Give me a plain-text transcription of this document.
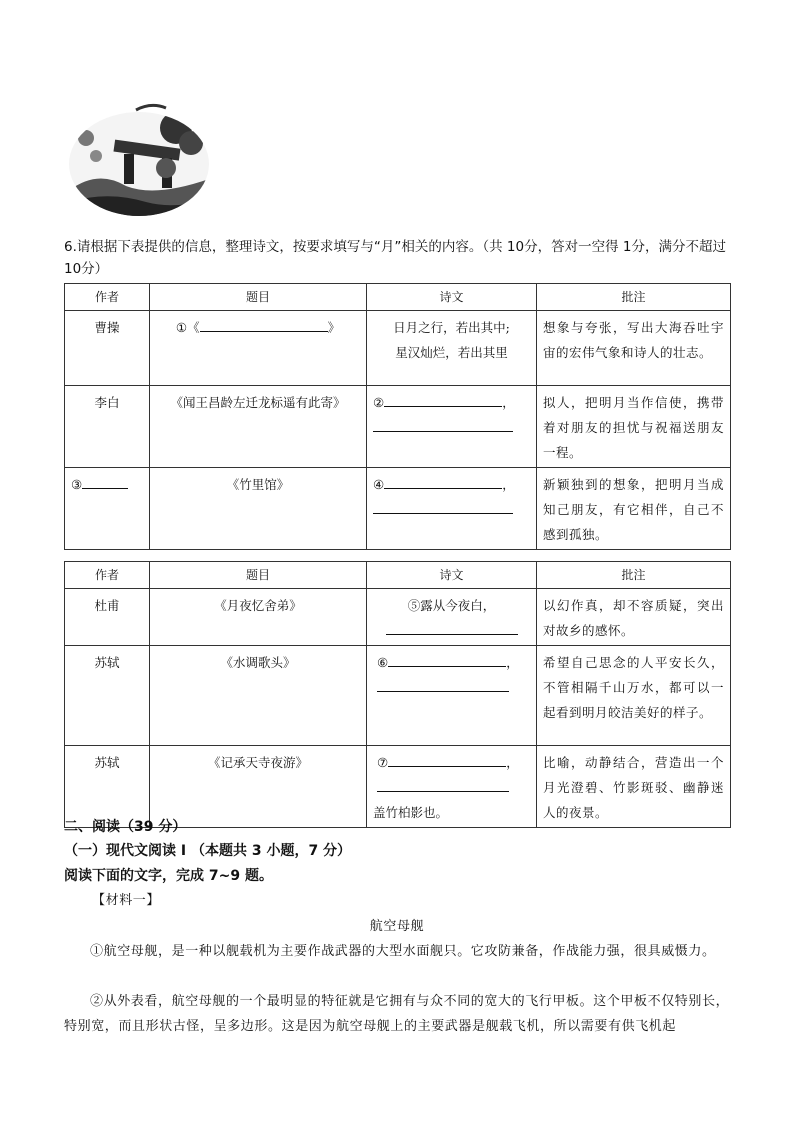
6.请根据下表提供的信息，整理诗文，按要求填写与“月”相关的内容。（共 10分，答对一空得 1分，满分不超过 10分）
作者	题目	诗文	批注
曹操	①《 》	日月之行，若出其中;
星汉灿烂，若出其里	想象与夸张，写出大海吞吐宇宙的宏伟气象和诗人的壮志。
李白	《闻王昌龄左迁龙标遥有此寄》	② ，	拟人，把明月当作信使，携带着对朋友的担忧与祝福送朋友一程。
③	《竹里馆》	④ ，	新颖独到的想象，把明月当成知己朋友，有它相伴，自己不感到孤独。
作者	题目	诗文	批注
杜甫	《月夜忆舍弟》	⑤露从今夜白，	以幻作真，却不容质疑，突出对故乡的感怀。
苏轼	《水调歌头》	⑥ ，	希望自己思念的人平安长久，不管相隔千山万水，都可以一起看到明月皎洁美好的样子。
苏轼	《记承天寺夜游》	⑦ ，
盖竹柏影也。	比喻，动静结合，营造出一个月光澄碧、竹影斑驳、幽静迷人的夜景。
二、阅读（39 分）
（一）现代文阅读 I （本题共 3 小题，7 分）
阅读下面的文字，完成 7~9 题。
【材料一】
航空母舰
①航空母舰，是一种以舰载机为主要作战武器的大型水面舰只。它攻防兼备，作战能力强，很具威慑力。
②从外表看，航空母舰的一个最明显的特征就是它拥有与众不同的宽大的飞行甲板。这个甲板不仅特别长，特别宽，而且形状古怪，呈多边形。这是因为航空母舰上的主要武器是舰载飞机，所以需要有供飞机起
